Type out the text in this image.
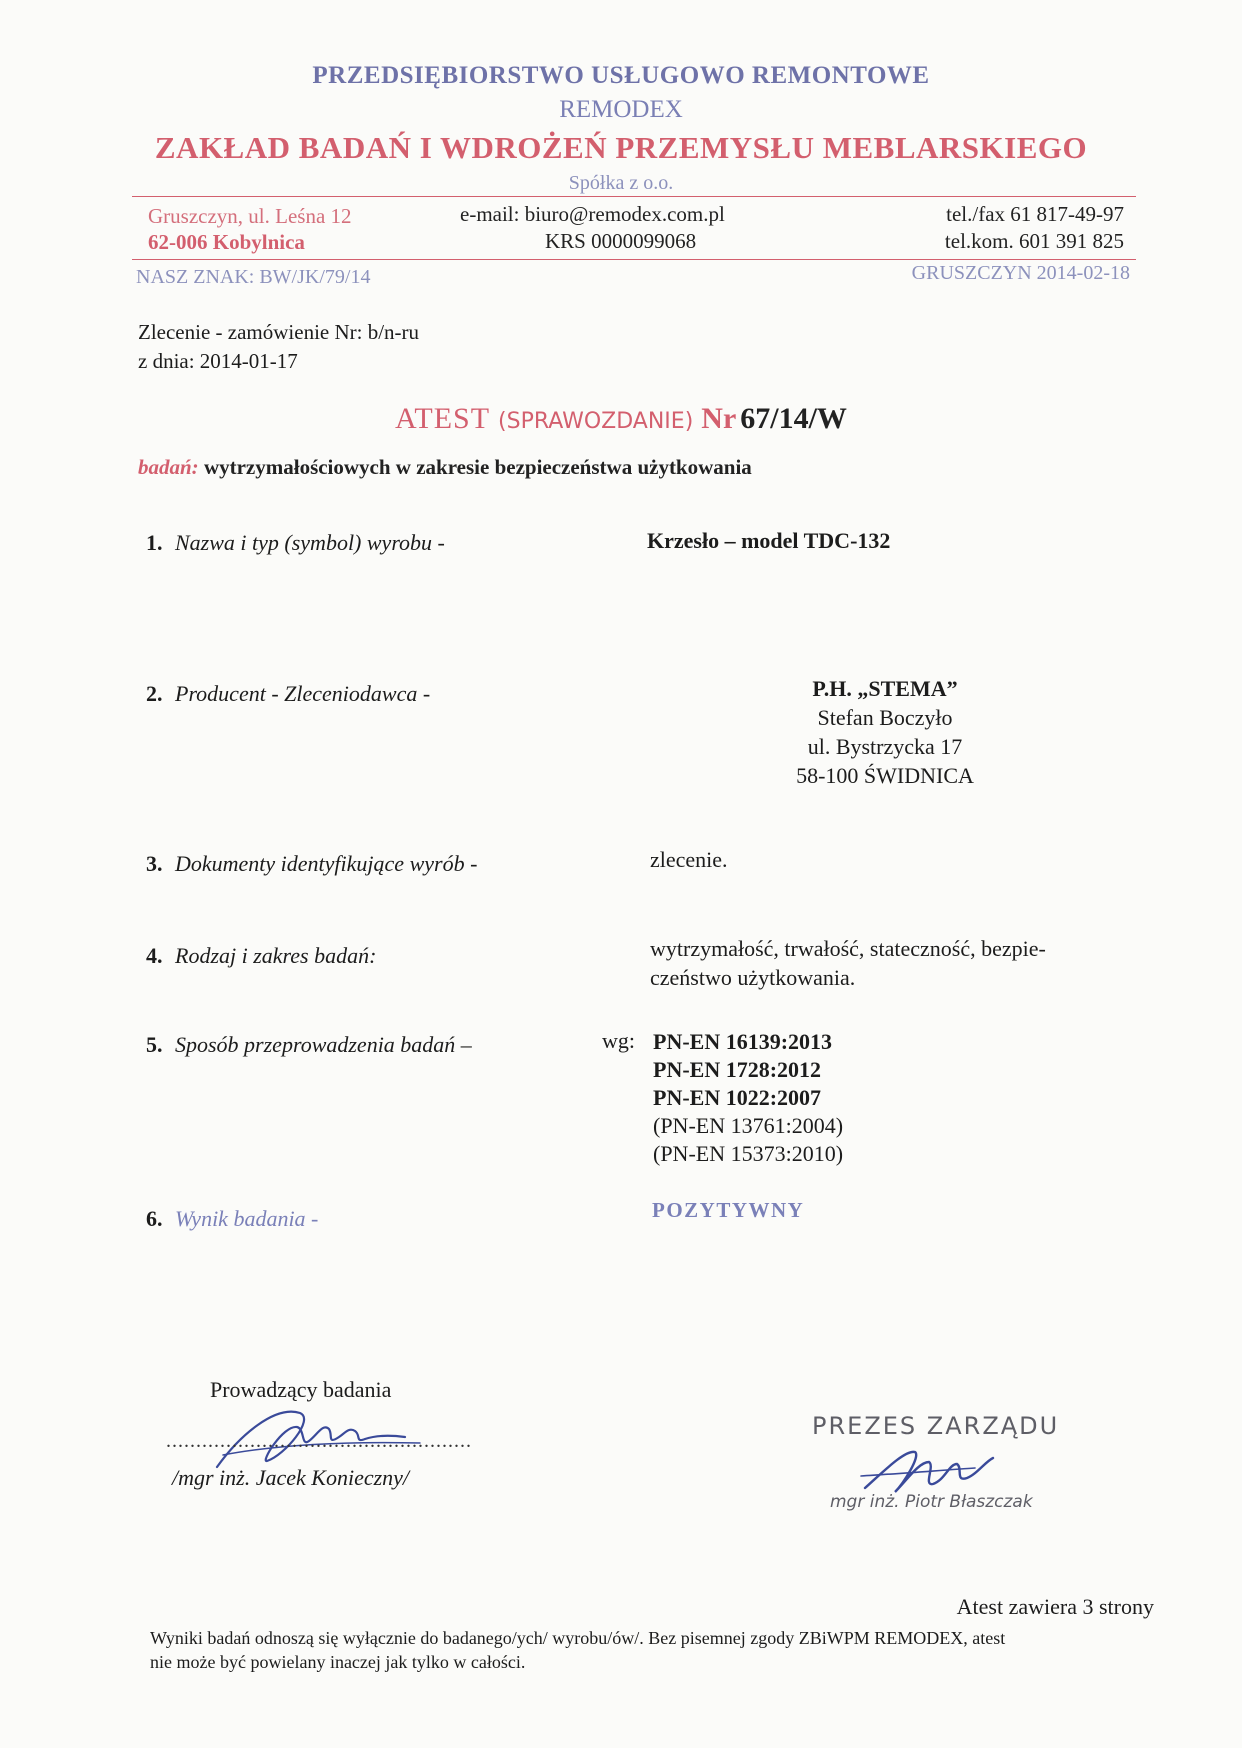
PRZEDSIĘBIORSTWO USŁUGOWO REMONTOWE
REMODEX
ZAKŁAD BADAŃ I WDROŻEŃ PRZEMYSŁU MEBLARSKIEGO
Spółka z o.o.
Gruszczyn, ul. Leśna 12
62-006 Kobylnica
e-mail: biuro@remodex.com.pl
KRS 0000099068
tel./fax 61 817-49-97
tel.kom. 601 391 825
NASZ ZNAK: BW/JK/79/14	GRUSZCZYN 2014-02-18
Zlecenie - zamówienie Nr: b/n-ru
z dnia: 2014-01-17
ATEST (SPRAWOZDANIE) Nr 67/14/W
badań: wytrzymałościowych w zakresie bezpieczeństwa użytkowania
1. Nazwa i typ (symbol) wyrobu -	Krzesło – model TDC-132
2. Producent - Zleceniodawca -	P.H. „STEMA”
Stefan Boczyło
ul. Bystrzycka 17
58-100 ŚWIDNICA
3. Dokumenty identyfikujące wyrób -	zlecenie.
4. Rodzaj i zakres badań:	wytrzymałość, trwałość, stateczność, bezpie-
czeństwo użytkowania.
5. Sposób przeprowadzenia badań –	wg: PN-EN 16139:2013
PN-EN 1728:2012
PN-EN 1022:2007
(PN-EN 13761:2004)
(PN-EN 15373:2010)
6. Wynik badania -	POZYTYWNY
Prowadzący badania
...................................................
/mgr inż. Jacek Konieczny/
PREZES ZARZĄDU
mgr inż. Piotr Błaszczak
Atest zawiera 3 strony
Wyniki badań odnoszą się wyłącznie do badanego/ych/ wyrobu/ów/. Bez pisemnej zgody ZBiWPM REMODEX, atest
nie może być powielany inaczej jak tylko w całości.
